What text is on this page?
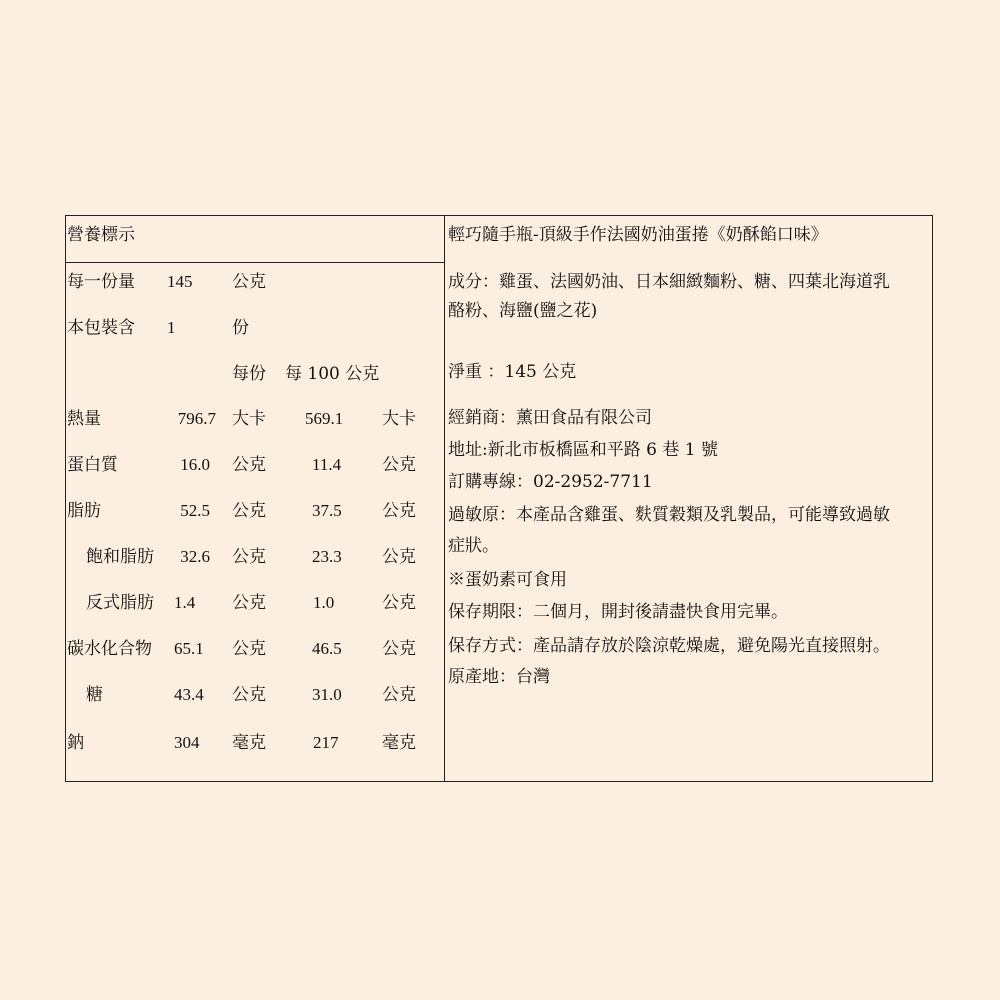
營養標示
每一份量 145 公克
本包裝含 1	份
每份 每 100 公克
熱量	796.7 大卡 569.1 大卡
蛋白質	16.0 公克	11.4 公克
脂肪	52.5 公克	37.5 公克
飽和脂肪	32.6 公克	23.3 公克
反式脂肪 1.4 公克	1.0	公克
碳水化合物 65.1 公克	46.5 公克
糖	43.4 公克	31.0 公克
鈉	304 毫克	217	毫克
輕巧隨手瓶-頂級手作法國奶油蛋捲《奶酥餡口味》
成分：雞蛋、法國奶油、日本細緻麵粉、糖、四葉北海道乳
酪粉、海鹽(鹽之花)
淨重 ：145 公克
經銷商：薰田食品有限公司
地址:新北市板橋區和平路 6 巷 1 號
訂購專線：02-2952-7711
過敏原：本產品含雞蛋、麩質穀類及乳製品，可能導致過敏
症狀。
※蛋奶素可食用
保存期限：二個月，開封後請盡快食用完畢。
保存方式：產品請存放於陰涼乾燥處，避免陽光直接照射。
原產地：台灣
